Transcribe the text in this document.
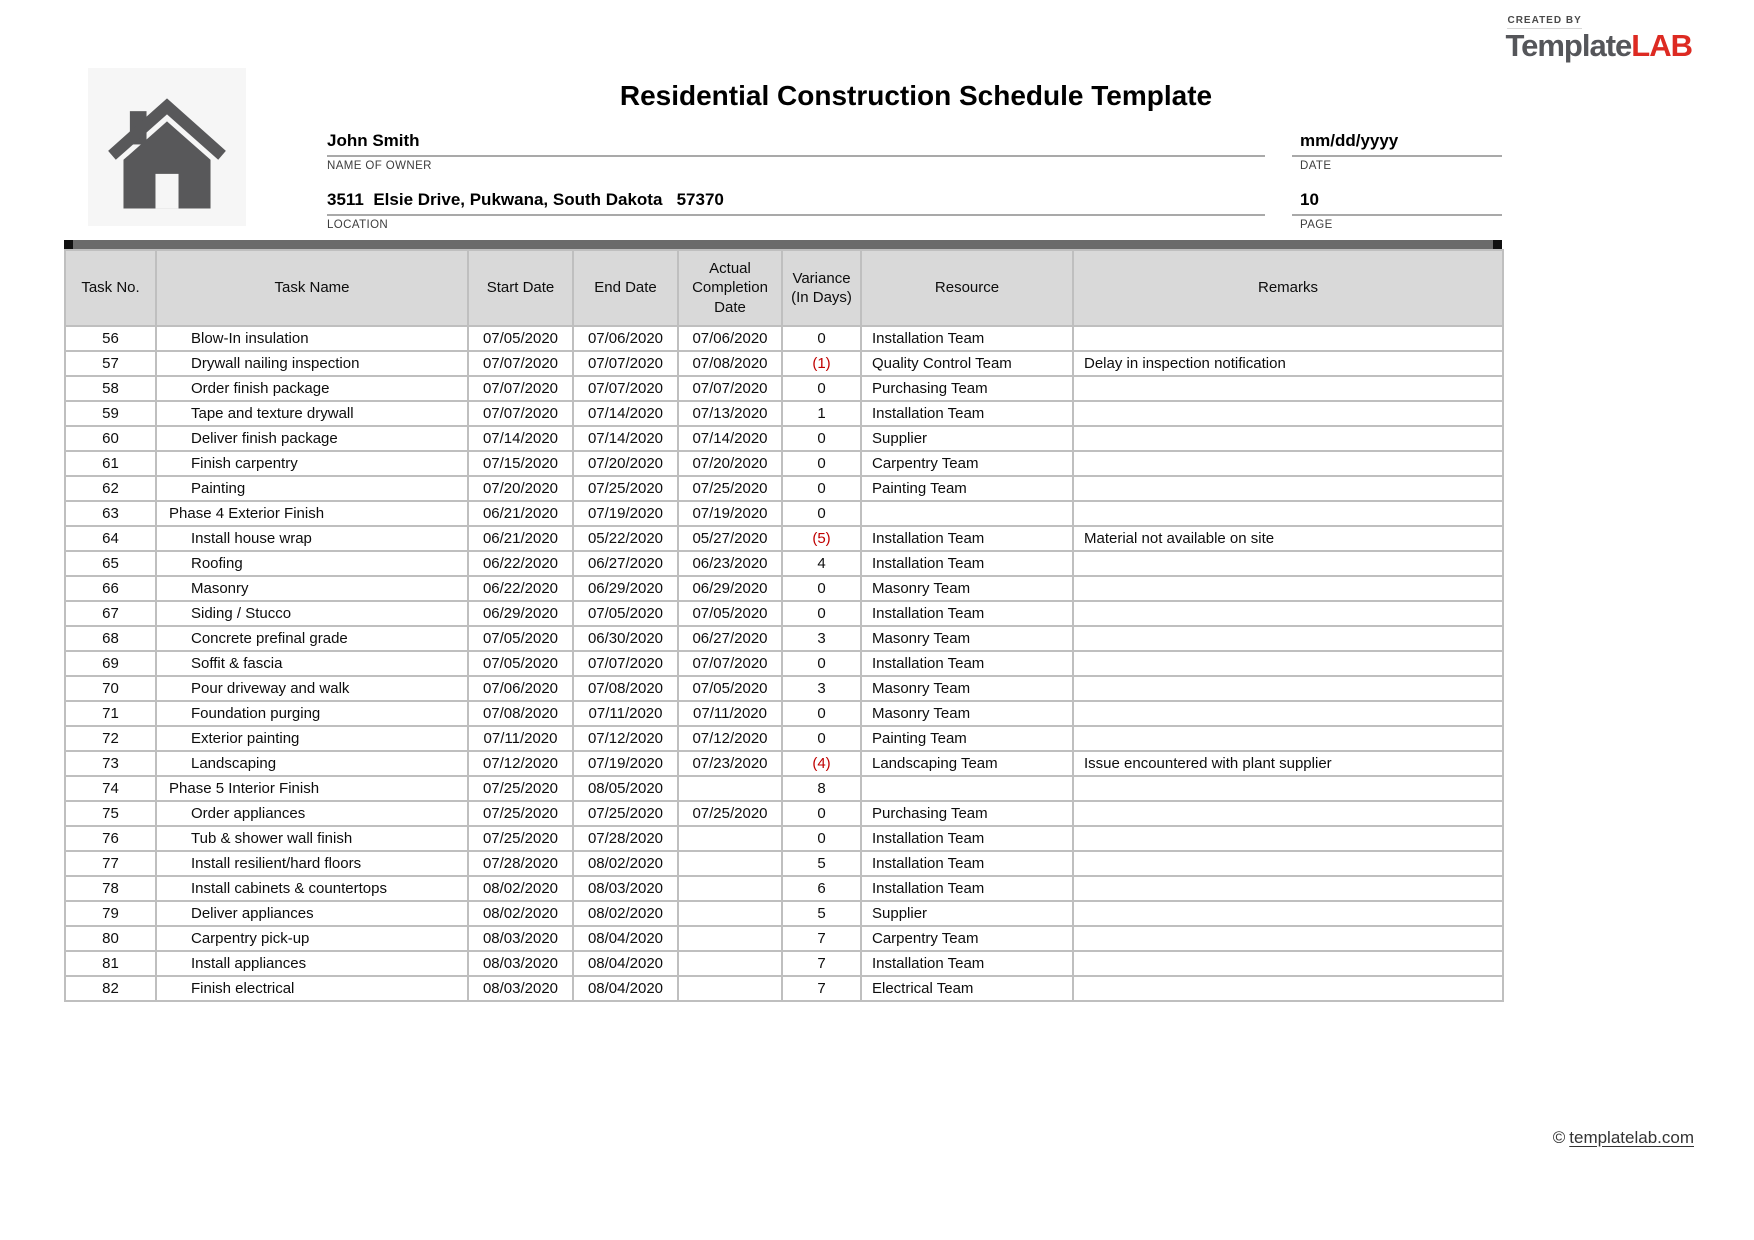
CREATED BY
TemplateLAB
Residential Construction Schedule Template
John Smith
NAME OF OWNER
3511  Elsie Drive, Pukwana, South Dakota   57370
LOCATION
mm/dd/yyyy
DATE
10
PAGE
Task No.	Task Name	Start Date	End Date	Actual Completion Date	Variance (In Days)	Resource	Remarks
56	Blow-In insulation	07/05/2020	07/06/2020	07/06/2020	0	Installation Team	
57	Drywall nailing inspection	07/07/2020	07/07/2020	07/08/2020	(1)	Quality Control Team	Delay in inspection notification
58	Order finish package	07/07/2020	07/07/2020	07/07/2020	0	Purchasing Team	
59	Tape and texture drywall	07/07/2020	07/14/2020	07/13/2020	1	Installation Team	
60	Deliver finish package	07/14/2020	07/14/2020	07/14/2020	0	Supplier	
61	Finish carpentry	07/15/2020	07/20/2020	07/20/2020	0	Carpentry Team	
62	Painting	07/20/2020	07/25/2020	07/25/2020	0	Painting Team	
63	Phase 4 Exterior Finish	06/21/2020	07/19/2020	07/19/2020	0		
64	Install house wrap	06/21/2020	05/22/2020	05/27/2020	(5)	Installation Team	Material not available on site
65	Roofing	06/22/2020	06/27/2020	06/23/2020	4	Installation Team	
66	Masonry	06/22/2020	06/29/2020	06/29/2020	0	Masonry Team	
67	Siding / Stucco	06/29/2020	07/05/2020	07/05/2020	0	Installation Team	
68	Concrete prefinal grade	07/05/2020	06/30/2020	06/27/2020	3	Masonry Team	
69	Soffit & fascia	07/05/2020	07/07/2020	07/07/2020	0	Installation Team	
70	Pour driveway and walk	07/06/2020	07/08/2020	07/05/2020	3	Masonry Team	
71	Foundation purging	07/08/2020	07/11/2020	07/11/2020	0	Masonry Team	
72	Exterior painting	07/11/2020	07/12/2020	07/12/2020	0	Painting Team	
73	Landscaping	07/12/2020	07/19/2020	07/23/2020	(4)	Landscaping Team	Issue encountered with plant supplier
74	Phase 5 Interior Finish	07/25/2020	08/05/2020		8		
75	Order appliances	07/25/2020	07/25/2020	07/25/2020	0	Purchasing Team	
76	Tub & shower wall finish	07/25/2020	07/28/2020		0	Installation Team	
77	Install resilient/hard floors	07/28/2020	08/02/2020		5	Installation Team	
78	Install cabinets & countertops	08/02/2020	08/03/2020		6	Installation Team	
79	Deliver appliances	08/02/2020	08/02/2020		5	Supplier	
80	Carpentry pick-up	08/03/2020	08/04/2020		7	Carpentry Team	
81	Install appliances	08/03/2020	08/04/2020		7	Installation Team	
82	Finish electrical	08/03/2020	08/04/2020		7	Electrical Team	
© templatelab.com
